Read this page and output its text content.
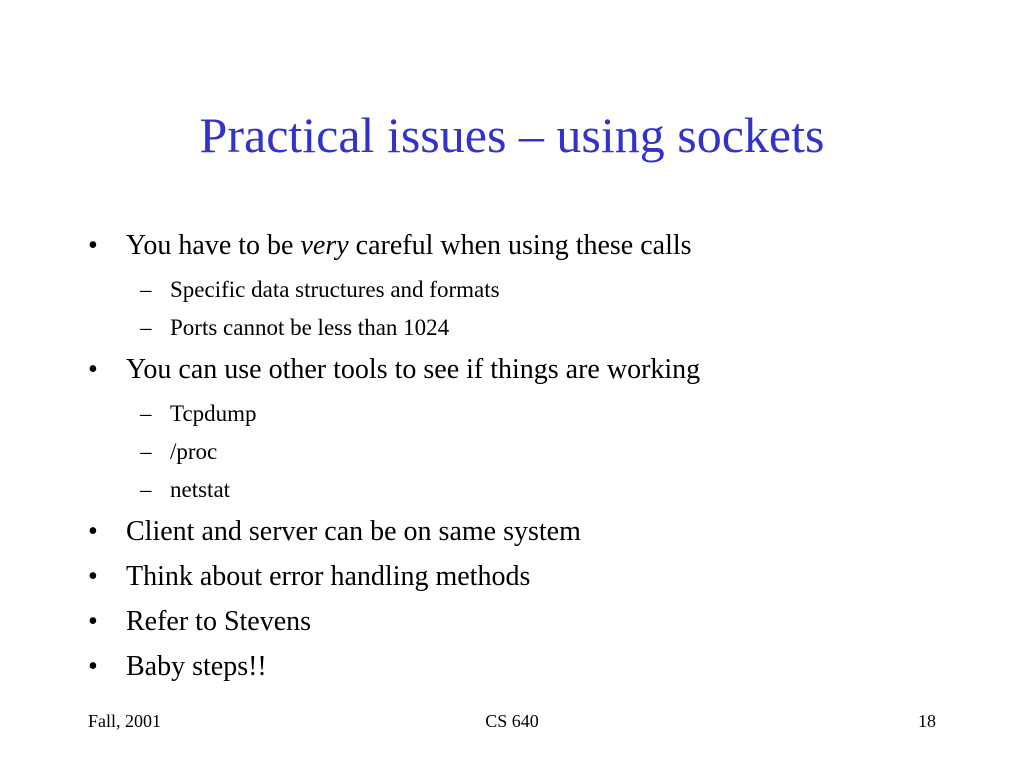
Practical issues – using sockets
• You have to be very careful when using these calls
– Specific data structures and formats
– Ports cannot be less than 1024
• You can use other tools to see if things are working
– Tcpdump
– /proc
– netstat
• Client and server can be on same system
• Think about error handling methods
• Refer to Stevens
• Baby steps!!
Fall, 2001	CS 640	18
